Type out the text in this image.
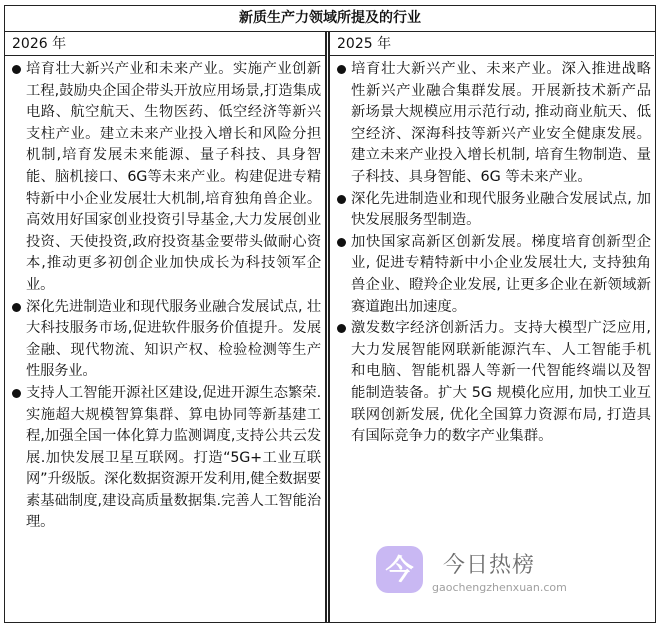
新质生产力领域所提及的行业
2026 年	2025 年
培育壮大新兴产业和未来产业。实施产业创新工程,鼓励央企国企带头开放应用场景,打造集成电路、航空航天、生物医药、低空经济等新兴支柱产业。建立未来产业投入增长和风险分担机制,培育发展未来能源、量子科技、具身智能、脑机接口、6G等未来产业。构建促进专精特新中小企业发展壮大机制,培育独角兽企业。高效用好国家创业投资引导基金,大力发展创业投资、天使投资,政府投资基金要带头做耐心资本,推动更多初创企业加快成长为科技领军企业。
深化先进制造业和现代服务业融合发展试点, 壮大科技服务市场,促进软件服务价值提升。发展金融、现代物流、知识产权、检验检测等生产性服务业。
支持人工智能开源社区建设,促进开源生态繁荣.实施超大规模智算集群、算电协同等新基建工程,加强全国一体化算力监测调度,支持公共云发展.加快发展卫星互联网。打造“5G+工业互联网”升级版。深化数据资源开发利用,健全数据要素基础制度,建设高质量数据集.完善人工智能治理。
培育壮大新兴产业、未来产业。深入推进战略性新兴产业融合集群发展。开展新技术新产品新场景大规模应用示范行动, 推动商业航天、低空经济、深海科技等新兴产业安全健康发展。建立未来产业投入增长机制, 培育生物制造、量子科技、具身智能、6G 等未来产业。
深化先进制造业和现代服务业融合发展试点, 加快发展服务型制造。
加快国家高新区创新发展。梯度培育创新型企业, 促进专精特新中小企业发展壮大, 支持独角兽企业、瞪羚企业发展, 让更多企业在新领域新赛道跑出加速度。
激发数字经济创新活力。支持大模型广泛应用, 大力发展智能网联新能源汽车、人工智能手机和电脑、智能机器人等新一代智能终端以及智能制造装备。扩大 5G 规模化应用, 加快工业互联网创新发展, 优化全国算力资源布局, 打造具有国际竞争力的数字产业集群。
今	今日热榜
gaochengzhenxuan.com
